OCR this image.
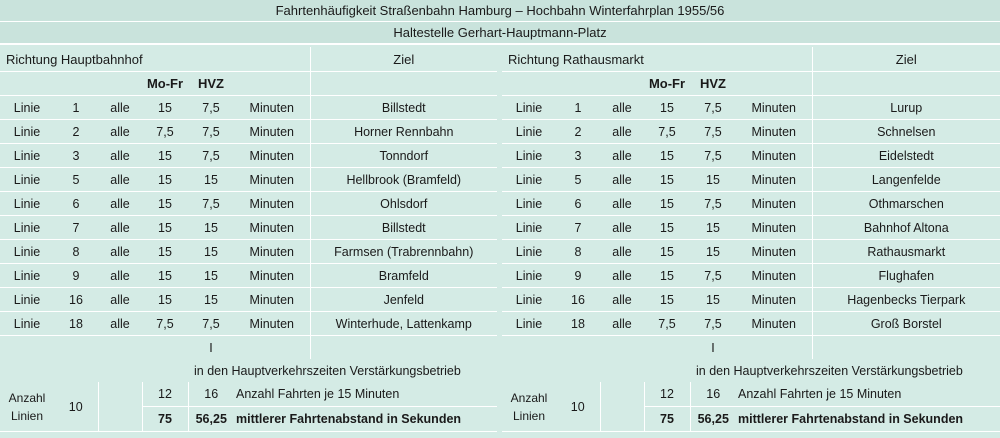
Fahrtenhäufigkeit Straßenbahn Hamburg – Hochbahn Winterfahrplan 1955/56
Haltestelle Gerhart-Hauptmann-Platz
Richtung Hauptbahnhof						Ziel
			Mo-Fr	HVZ		
Linie	1	alle	15	7,5	Minuten	Billstedt
Linie	2	alle	7,5	7,5	Minuten	Horner Rennbahn
Linie	3	alle	15	7,5	Minuten	Tonndorf
Linie	5	alle	15	15	Minuten	Hellbrook (Bramfeld)
Linie	6	alle	15	7,5	Minuten	Ohlsdorf
Linie	7	alle	15	15	Minuten	Billstedt
Linie	8	alle	15	15	Minuten	Farmsen (Trabrennbahn)
Linie	9	alle	15	15	Minuten	Bramfeld
Linie	16	alle	15	15	Minuten	Jenfeld
Linie	18	alle	7,5	7,5	Minuten	Winterhude, Lattenkamp
				I		
				in den Hauptverkehrszeiten Verstärkungsbetrieb		
Anzahl Linien	10		12	16	Anzahl Fahrten je 15 Minuten	
			75	56,25	mittlerer Fahrtenabstand in Sekunden	
Richtung Rathausmarkt						Ziel
			Mo-Fr	HVZ		
Linie	1	alle	15	7,5	Minuten	Lurup
Linie	2	alle	7,5	7,5	Minuten	Schnelsen
Linie	3	alle	15	7,5	Minuten	Eidelstedt
Linie	5	alle	15	15	Minuten	Langenfelde
Linie	6	alle	15	7,5	Minuten	Othmarschen
Linie	7	alle	15	15	Minuten	Bahnhof Altona
Linie	8	alle	15	15	Minuten	Rathausmarkt
Linie	9	alle	15	7,5	Minuten	Flughafen
Linie	16	alle	15	15	Minuten	Hagenbecks Tierpark
Linie	18	alle	7,5	7,5	Minuten	Groß Borstel
				I		
				in den Hauptverkehrszeiten Verstärkungsbetrieb		
Anzahl Linien	10		12	16	Anzahl Fahrten je 15 Minuten	
			75	56,25	mittlerer Fahrtenabstand in Sekunden	
